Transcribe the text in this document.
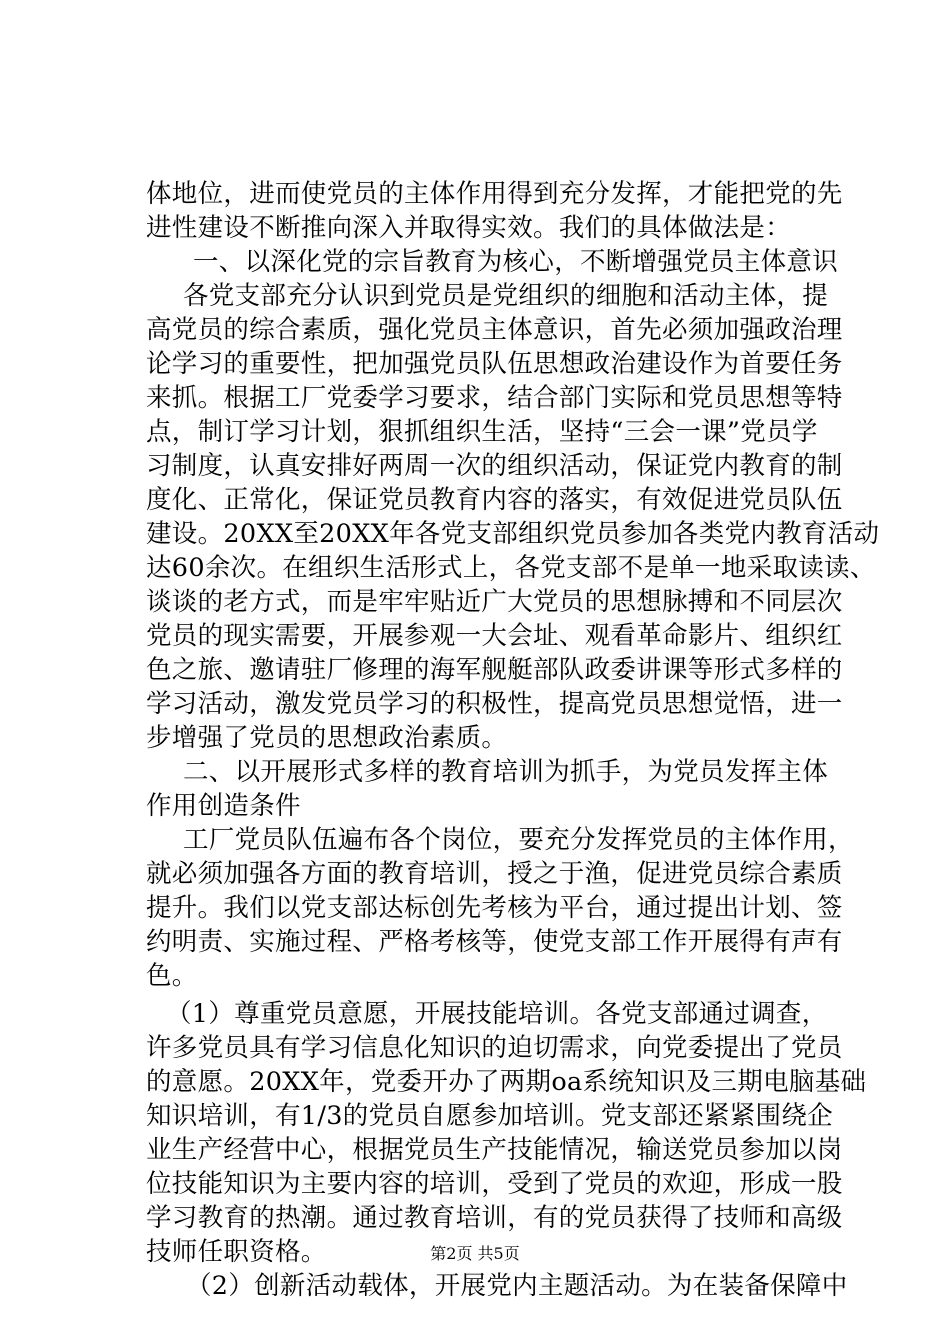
体地位，进而使党员的主体作用得到充分发挥，才能把党的先
进性建设不断推向深入并取得实效。我们的具体做法是：
一、以深化党的宗旨教育为核心，不断增强党员主体意识
各党支部充分认识到党员是党组织的细胞和活动主体，提
高党员的综合素质，强化党员主体意识，首先必须加强政治理
论学习的重要性，把加强党员队伍思想政治建设作为首要任务
来抓。根据工厂党委学习要求，结合部门实际和党员思想等特
点，制订学习计划，狠抓组织生活，坚持“三会一课”党员学
习制度，认真安排好两周一次的组织活动，保证党内教育的制
度化、正常化，保证党员教育内容的落实，有效促进党员队伍
建设。20XX至20XX年各党支部组织党员参加各类党内教育活动
达60余次。在组织生活形式上，各党支部不是单一地采取读读、
谈谈的老方式，而是牢牢贴近广大党员的思想脉搏和不同层次
党员的现实需要，开展参观一大会址、观看革命影片、组织红
色之旅、邀请驻厂修理的海军舰艇部队政委讲课等形式多样的
学习活动，激发党员学习的积极性，提高党员思想觉悟，进一
步增强了党员的思想政治素质。
二、以开展形式多样的教育培训为抓手，为党员发挥主体
作用创造条件
工厂党员队伍遍布各个岗位，要充分发挥党员的主体作用，
就必须加强各方面的教育培训，授之于渔，促进党员综合素质
提升。我们以党支部达标创先考核为平台，通过提出计划、签
约明责、实施过程、严格考核等，使党支部工作开展得有声有
色。
（1）尊重党员意愿，开展技能培训。各党支部通过调查，
许多党员具有学习信息化知识的迫切需求，向党委提出了党员
的意愿。20XX年，党委开办了两期oa系统知识及三期电脑基础
知识培训，有1/3的党员自愿参加培训。党支部还紧紧围绕企
业生产经营中心，根据党员生产技能情况，输送党员参加以岗
位技能知识为主要内容的培训，受到了党员的欢迎，形成一股
学习教育的热潮。通过教育培训，有的党员获得了技师和高级
技师任职资格。
（2）创新活动载体，开展党内主题活动。为在装备保障中
第2页 共5页
